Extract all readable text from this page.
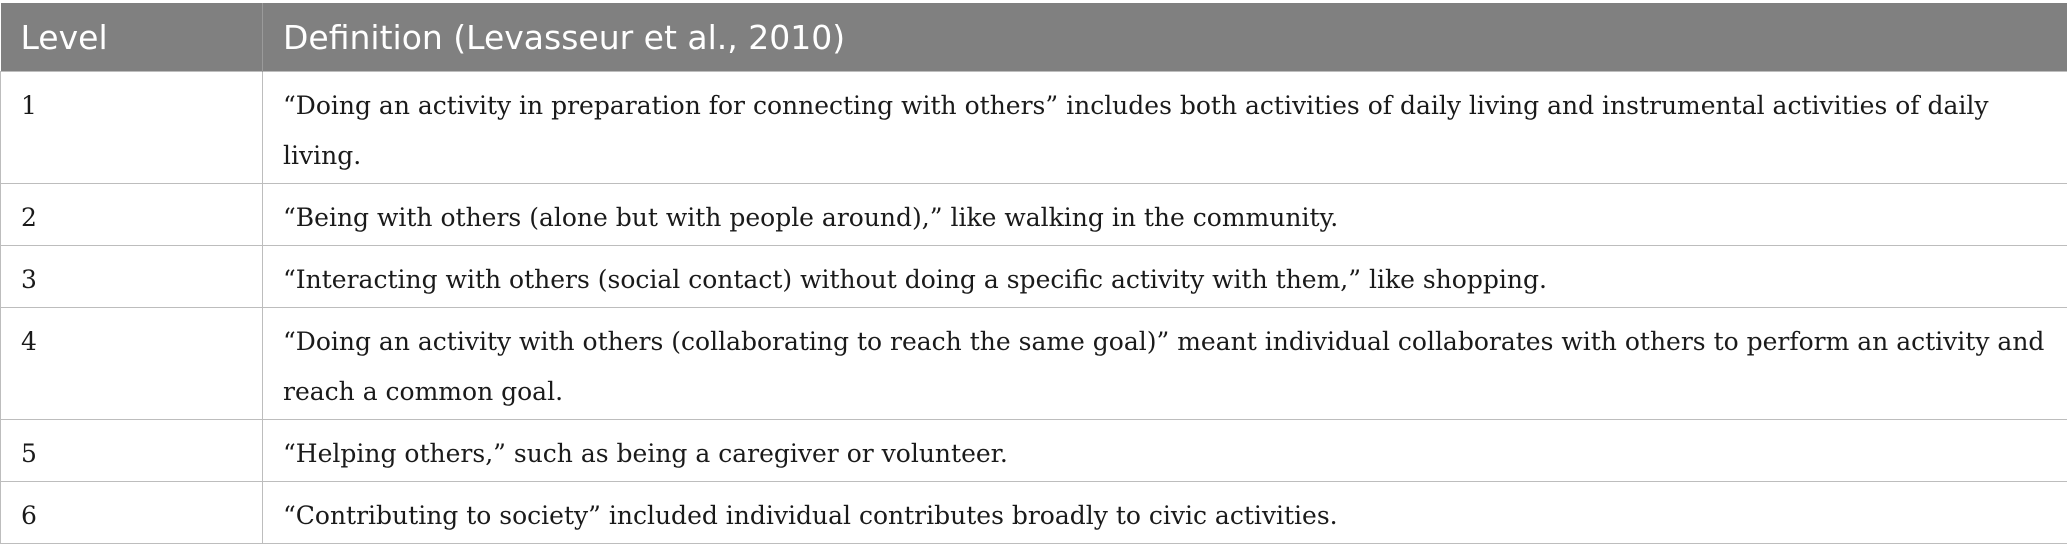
Level	Definition (Levasseur et al., 2010)
1	“Doing an activity in preparation for connecting with others” includes both activities of daily living and instrumental activities of daily living.
2	“Being with others (alone but with people around),” like walking in the community.
3	“Interacting with others (social contact) without doing a specific activity with them,” like shopping.
4	“Doing an activity with others (collaborating to reach the same goal)” meant individual collaborates with others to perform an activity and reach a common goal.
5	“Helping others,” such as being a caregiver or volunteer.
6	“Contributing to society” included individual contributes broadly to civic activities.
